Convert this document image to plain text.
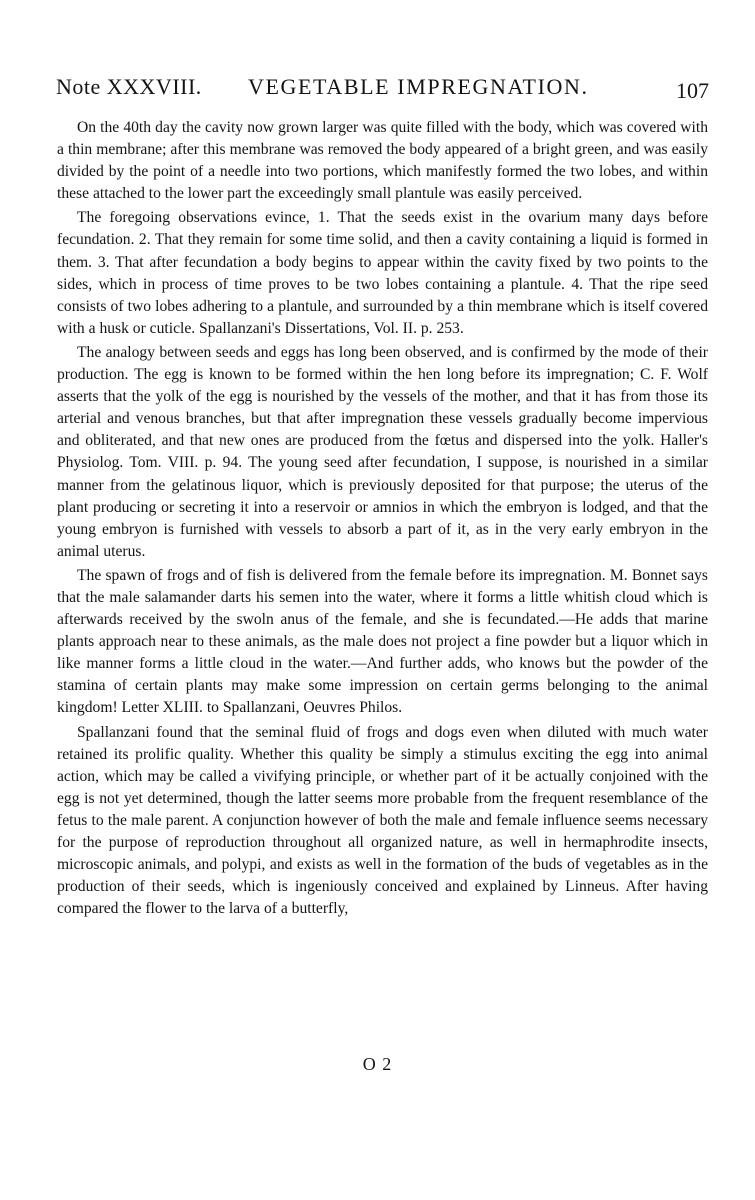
Note XXXVIII. VEGETABLE IMPREGNATION.	107

On the 40th day the cavity now grown larger was quite filled with the body, which was covered with a thin membrane; after this membrane was removed the body appeared of a bright green, and was easily divided by the point of a needle into two portions, which manifestly formed the two lobes, and within these attached to the lower part the exceedingly small plantule was easily perceived.

The foregoing observations evince, 1. That the seeds exist in the ovarium many days before fecundation. 2. That they remain for some time solid, and then a cavity containing a liquid is formed in them. 3. That after fecundation a body begins to appear within the cavity fixed by two points to the sides, which in process of time proves to be two lobes containing a plantule. 4. That the ripe seed consists of two lobes adhering to a plantule, and surrounded by a thin membrane which is itself covered with a husk or cuticle. Spallanzani's Dissertations, Vol. II. p. 253.

The analogy between seeds and eggs has long been observed, and is confirmed by the mode of their production. The egg is known to be formed within the hen long before its impregnation; C. F. Wolf asserts that the yolk of the egg is nourished by the vessels of the mother, and that it has from those its arterial and venous branches, but that after impregnation these vessels gradually become impervious and obliterated, and that new ones are produced from the fœtus and dispersed into the yolk. Haller's Physiolog. Tom. VIII. p. 94. The young seed after fecundation, I suppose, is nourished in a similar manner from the gelatinous liquor, which is previously deposited for that purpose; the uterus of the plant producing or secreting it into a reservoir or amnios in which the embryon is lodged, and that the young embryon is furnished with vessels to absorb a part of it, as in the very early embryon in the animal uterus.

The spawn of frogs and of fish is delivered from the female before its impregnation. M. Bonnet says that the male salamander darts his semen into the water, where it forms a little whitish cloud which is afterwards received by the swoln anus of the female, and she is fecundated.—He adds that marine plants approach near to these animals, as the male does not project a fine powder but a liquor which in like manner forms a little cloud in the water.—And further adds, who knows but the powder of the stamina of certain plants may make some impression on certain germs belonging to the animal kingdom! Letter XLIII. to Spallanzani, Oeuvres Philos.

Spallanzani found that the seminal fluid of frogs and dogs even when diluted with much water retained its prolific quality. Whether this quality be simply a stimulus exciting the egg into animal action, which may be called a vivifying principle, or whether part of it be actually conjoined with the egg is not yet determined, though the latter seems more probable from the frequent resemblance of the fetus to the male parent. A conjunction however of both the male and female influence seems necessary for the purpose of reproduction throughout all organized nature, as well in hermaphrodite insects, microscopic animals, and polypi, and exists as well in the formation of the buds of vegetables as in the production of their seeds, which is ingeniously conceived and explained by Linneus. After having compared the flower to the larva of a butterfly,

O 2
